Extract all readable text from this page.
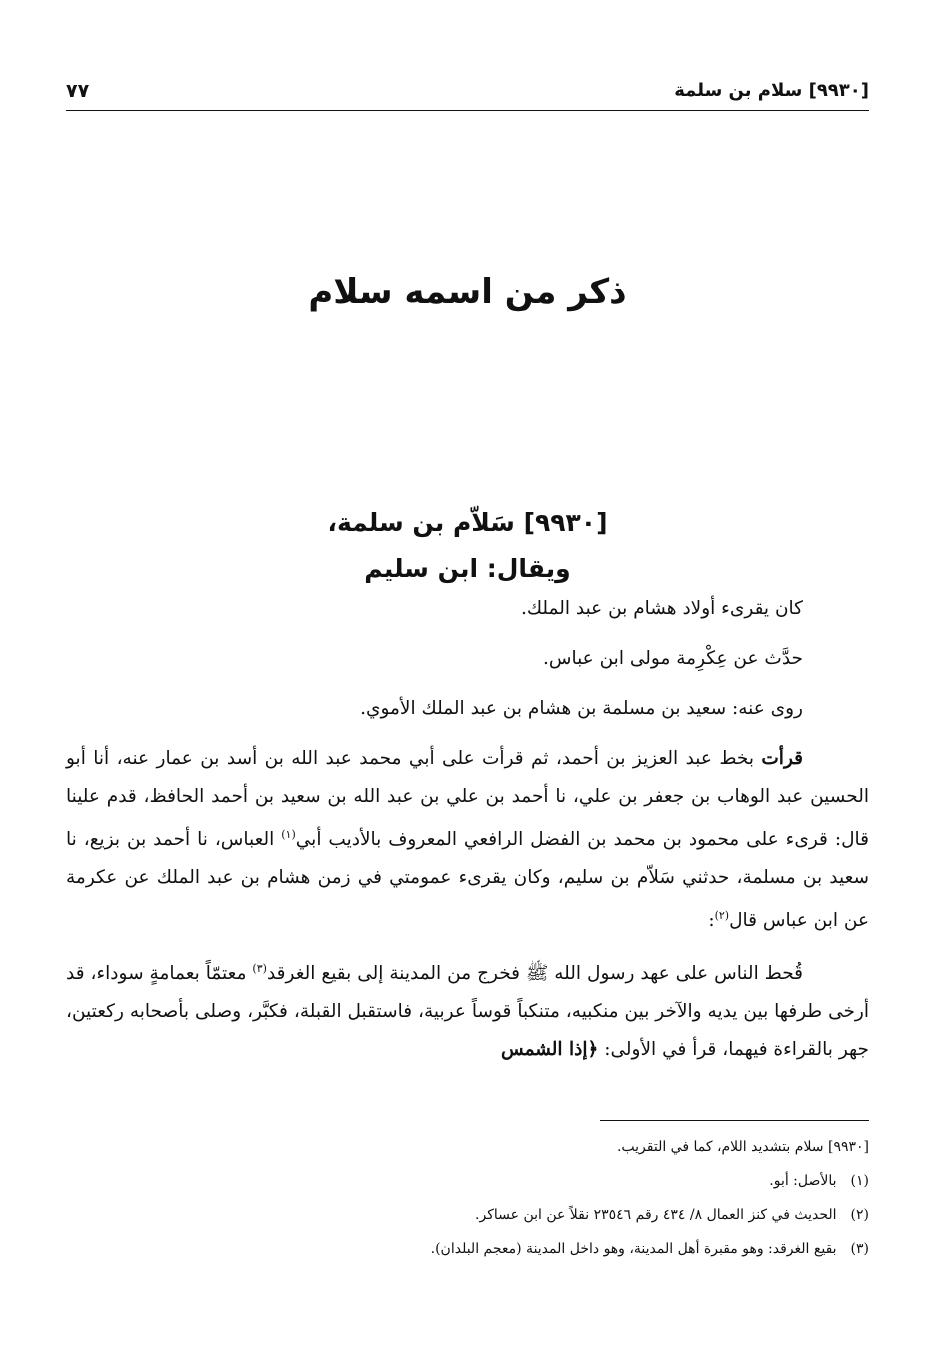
٧٧	[٩٩٣٠] سلام بن سلمة
ذكر من اسمه سلام
[٩٩٣٠] سَلاّم بن سلمة،
ويقال: ابن سليم

كان يقرىء أولاد هشام بن عبد الملك.

حدَّث عن عِكْرِمة مولى ابن عباس.

روى عنه: سعيد بن مسلمة بن هشام بن عبد الملك الأموي.

قرأت بخط عبد العزيز بن أحمد، ثم قرأت على أبي محمد عبد الله بن أسد بن عمار عنه، أنا أبو الحسين عبد الوهاب بن جعفر بن علي، نا أحمد بن علي بن عبد الله بن سعيد بن أحمد الحافظ، قدم علينا قال: قرىء على محمود بن محمد بن الفضل الرافعي المعروف بالأديب أبي$^{(١)}$ العباس، نا أحمد بن بزيع، نا سعيد بن مسلمة، حدثني سَلاّم بن سليم، وكان يقرىء عمومتي في زمن هشام بن عبد الملك عن عكرمة عن ابن عباس قال$^{(٢)}$:

قُحط الناس على عهد رسول الله ﷺ فخرج من المدينة إلى بقيع الغرقد$^{(٣)}$ معتمّاً بعمامةٍ سوداء، قد أرخى طرفها بين يديه والآخر بين منكبيه، متنكباً قوساً عربية، فاستقبل القبلة، فكبَّر، وصلى بأصحابه ركعتين، جهر بالقراءة فيهما، قرأ في الأولى: ﴿إذا الشمس

[٩٩٣٠] سلام بتشديد اللام، كما في التقريب.
(١) بالأصل: أبو.
(٢) الحديث في كنز العمال ٨/ ٤٣٤ رقم ٢٣٥٤٦ نقلاً عن ابن عساكر.
(٣) بقيع الغرقد: وهو مقبرة أهل المدينة، وهو داخل المدينة (معجم البلدان).
